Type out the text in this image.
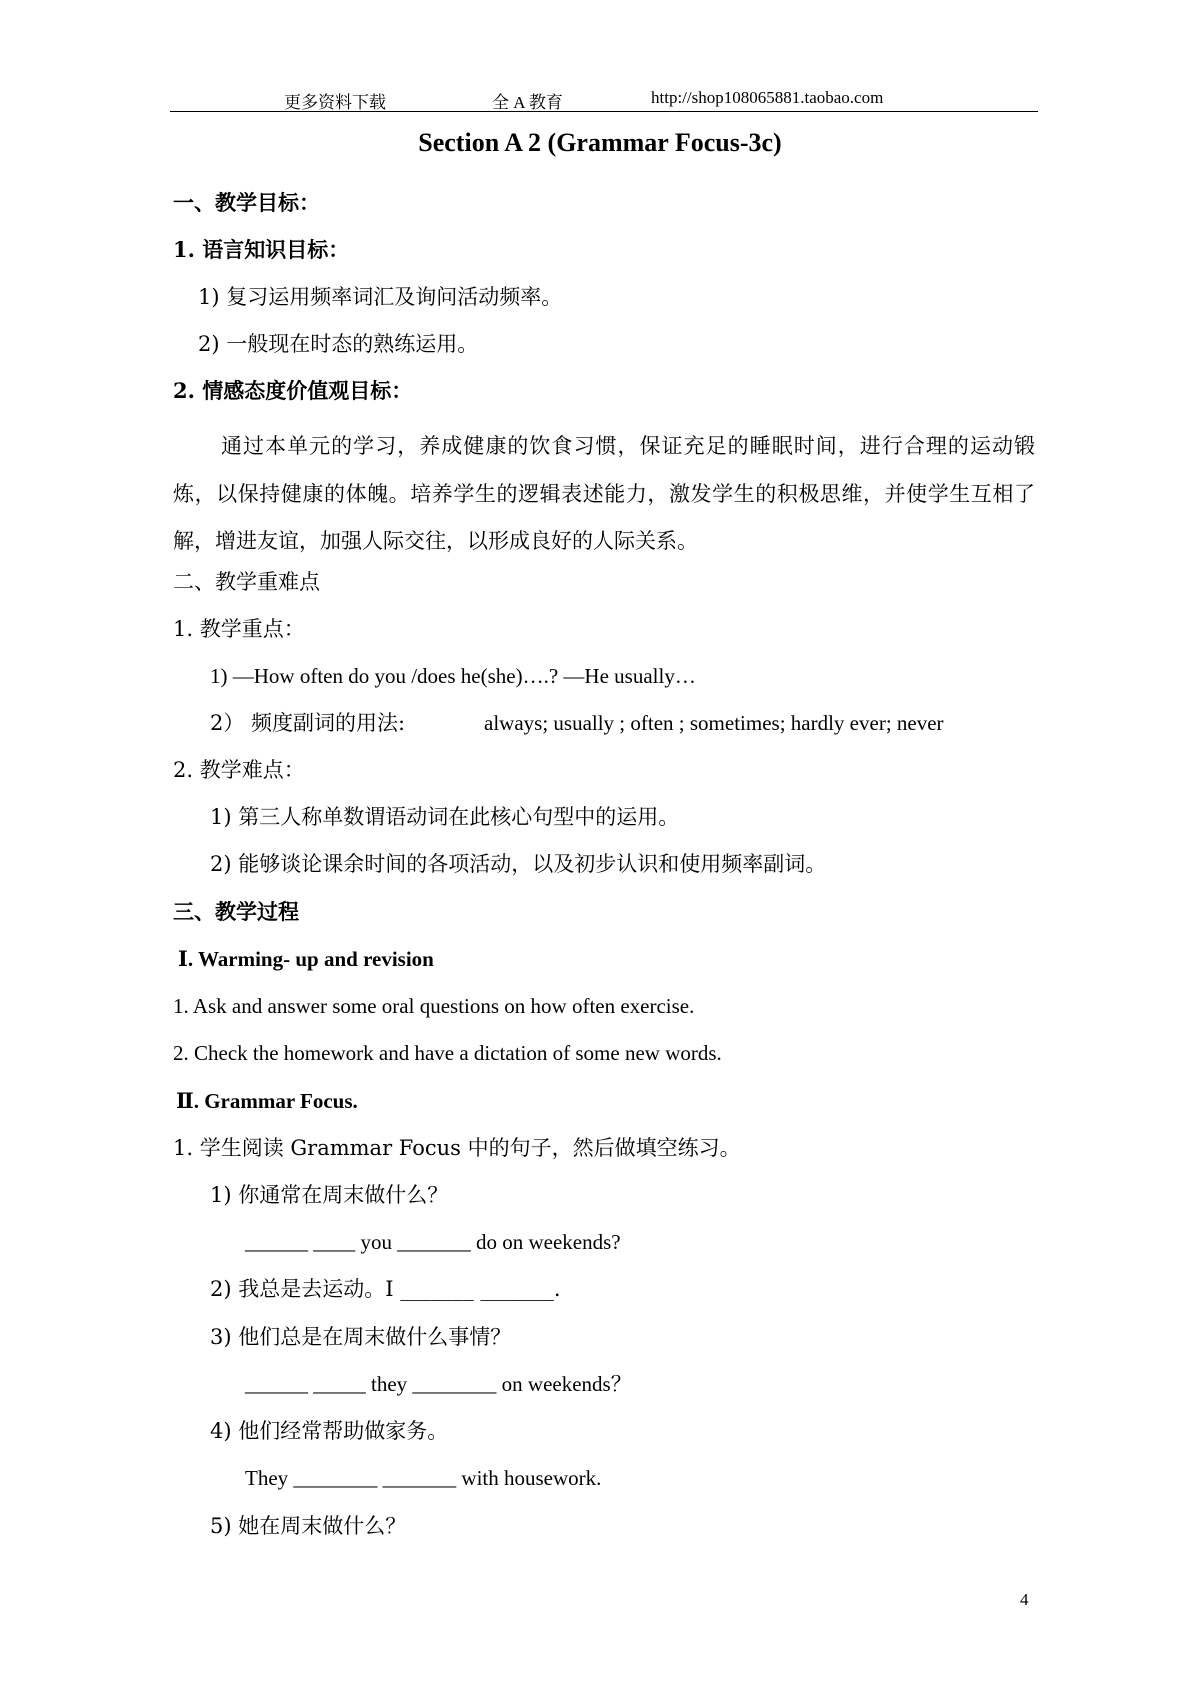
更多资料下载	全 A 教育	http://shop108065881.taobao.com
Section A 2 (Grammar Focus-3c)
一、教学目标：
1. 语言知识目标：
1) 复习运用频率词汇及询问活动频率。
2) 一般现在时态的熟练运用。
2. 情感态度价值观目标：
通过本单元的学习，养成健康的饮食习惯，保证充足的睡眠时间，进行合理的运动锻炼，以保持健康的体魄。培养学生的逻辑表述能力，激发学生的积极思维，并使学生互相了解，增进友谊，加强人际交往，以形成良好的人际关系。
二、教学重难点
1. 教学重点：
1) —How often do you /does he(she)….? —He usually…
2） 频度副词的用法:	always; usually ; often ; sometimes; hardly ever; never
2. 教学难点：
1) 第三人称单数谓语动词在此核心句型中的运用。
2) 能够谈论课余时间的各项活动，以及初步认识和使用频率副词。
三、教学过程
Ⅰ. Warming- up and revision
1. Ask and answer some oral questions on how often exercise.
2. Check the homework and have a dictation of some new words.
Ⅱ. Grammar Focus.
1. 学生阅读 Grammar Focus 中的句子，然后做填空练习。
1) 你通常在周末做什么？
______ ____ you _______ do on weekends?
2) 我总是去运动。I _______ _______.
3) 他们总是在周末做什么事情？
______ _____ they ________ on weekends？
4) 他们经常帮助做家务。
They ________ _______ with housework.
5) 她在周末做什么？
4
